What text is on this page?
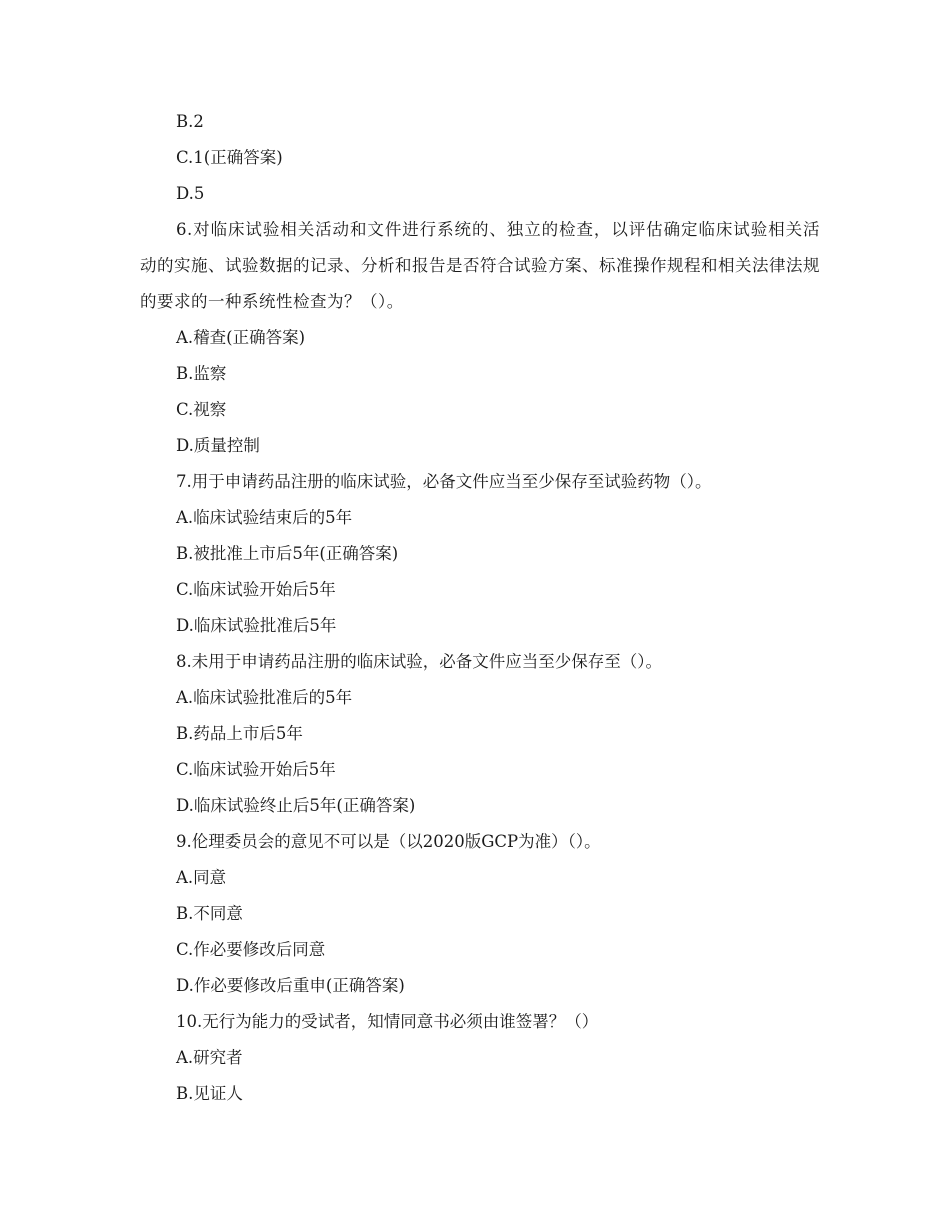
B.2

C.1(正确答案)

D.5

6.对临床试验相关活动和文件进行系统的、独立的检查，以评估确定临床试验相关活动的实施、试验数据的记录、分析和报告是否符合试验方案、标准操作规程和相关法律法规的要求的一种系统性检查为？（）。

A.稽查(正确答案)

B.监察

C.视察

D.质量控制

7.用于申请药品注册的临床试验，必备文件应当至少保存至试验药物（）。

A.临床试验结束后的5年

B.被批准上市后5年(正确答案)

C.临床试验开始后5年

D.临床试验批准后5年

8.未用于申请药品注册的临床试验，必备文件应当至少保存至（）。

A.临床试验批准后的5年

B.药品上市后5年

C.临床试验开始后5年

D.临床试验终止后5年(正确答案)

9.伦理委员会的意见不可以是（以2020版GCP为准）（）。

A.同意

B.不同意

C.作必要修改后同意

D.作必要修改后重申(正确答案)

10.无行为能力的受试者，知情同意书必须由谁签署？（）

A.研究者

B.见证人
